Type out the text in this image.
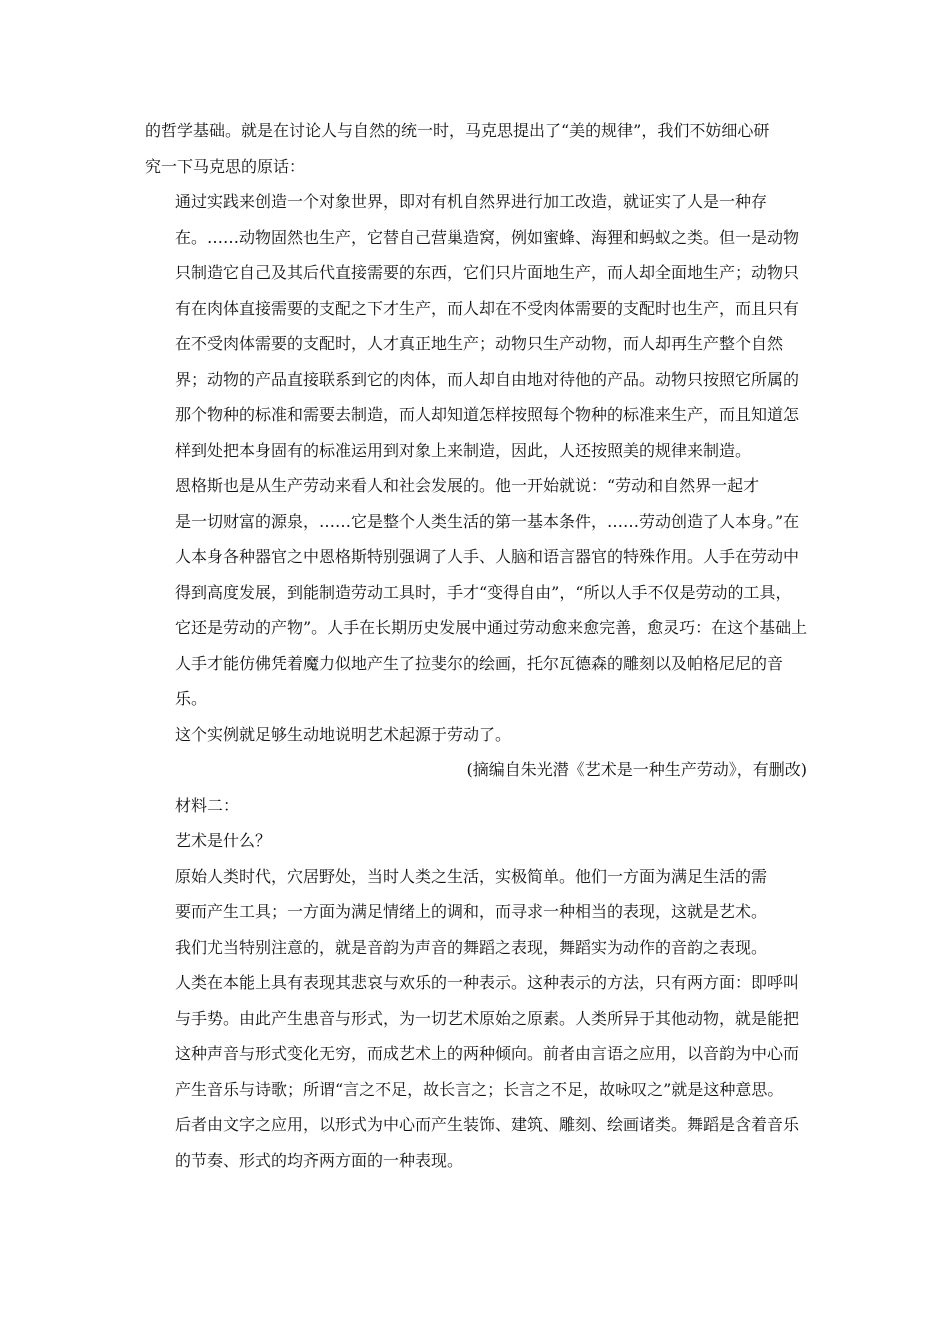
的哲学基础。就是在讨论人与自然的统一时，马克思提出了“美的规律”，我们不妨细心研
究一下马克思的原话：

通过实践来创造一个对象世界，即对有机自然界进行加工改造，就证实了人是一种存
在。……动物固然也生产，它替自己营巢造窝，例如蜜蜂、海狸和蚂蚁之类。但一是动物
只制造它自己及其后代直接需要的东西，它们只片面地生产，而人却全面地生产；动物只
有在肉体直接需要的支配之下才生产，而人却在不受肉体需要的支配时也生产，而且只有
在不受肉体需要的支配时，人才真正地生产；动物只生产动物，而人却再生产整个自然
界；动物的产品直接联系到它的肉体，而人却自由地对待他的产品。动物只按照它所属的
那个物种的标准和需要去制造，而人却知道怎样按照每个物种的标准来生产，而且知道怎
样到处把本身固有的标准运用到对象上来制造，因此，人还按照美的规律来制造。

恩格斯也是从生产劳动来看人和社会发展的。他一开始就说：“劳动和自然界一起才
是一切财富的源泉，……它是整个人类生活的第一基本条件，……劳动创造了人本身。”在
人本身各种器官之中恩格斯特别强调了人手、人脑和语言器官的特殊作用。人手在劳动中
得到高度发展，到能制造劳动工具时，手才“变得自由”，“所以人手不仅是劳动的工具，
它还是劳动的产物”。人手在长期历史发展中通过劳动愈来愈完善，愈灵巧：在这个基础上
人手才能仿佛凭着魔力似地产生了拉斐尔的绘画，托尔瓦德森的雕刻以及帕格尼尼的音
乐。

这个实例就足够生动地说明艺术起源于劳动了。

(摘编自朱光潜《艺术是一种生产劳动》，有删改)

材料二：

艺术是什么？

原始人类时代，穴居野处，当时人类之生活，实极简单。他们一方面为满足生活的需
要而产生工具；一方面为满足情绪上的调和，而寻求一种相当的表现，这就是艺术。

我们尤当特别注意的，就是音韵为声音的舞蹈之表现，舞蹈实为动作的音韵之表现。
人类在本能上具有表现其悲哀与欢乐的一种表示。这种表示的方法，只有两方面：即呼叫
与手势。由此产生患音与形式，为一切艺术原始之原素。人类所异于其他动物，就是能把
这种声音与形式变化无穷，而成艺术上的两种倾向。前者由言语之应用，以音韵为中心而
产生音乐与诗歌；所谓“言之不足，故长言之；长言之不足，故咏叹之”就是这种意思。
后者由文字之应用，以形式为中心而产生装饰、建筑、雕刻、绘画诸类。舞蹈是含着音乐
的节奏、形式的均齐两方面的一种表现。
